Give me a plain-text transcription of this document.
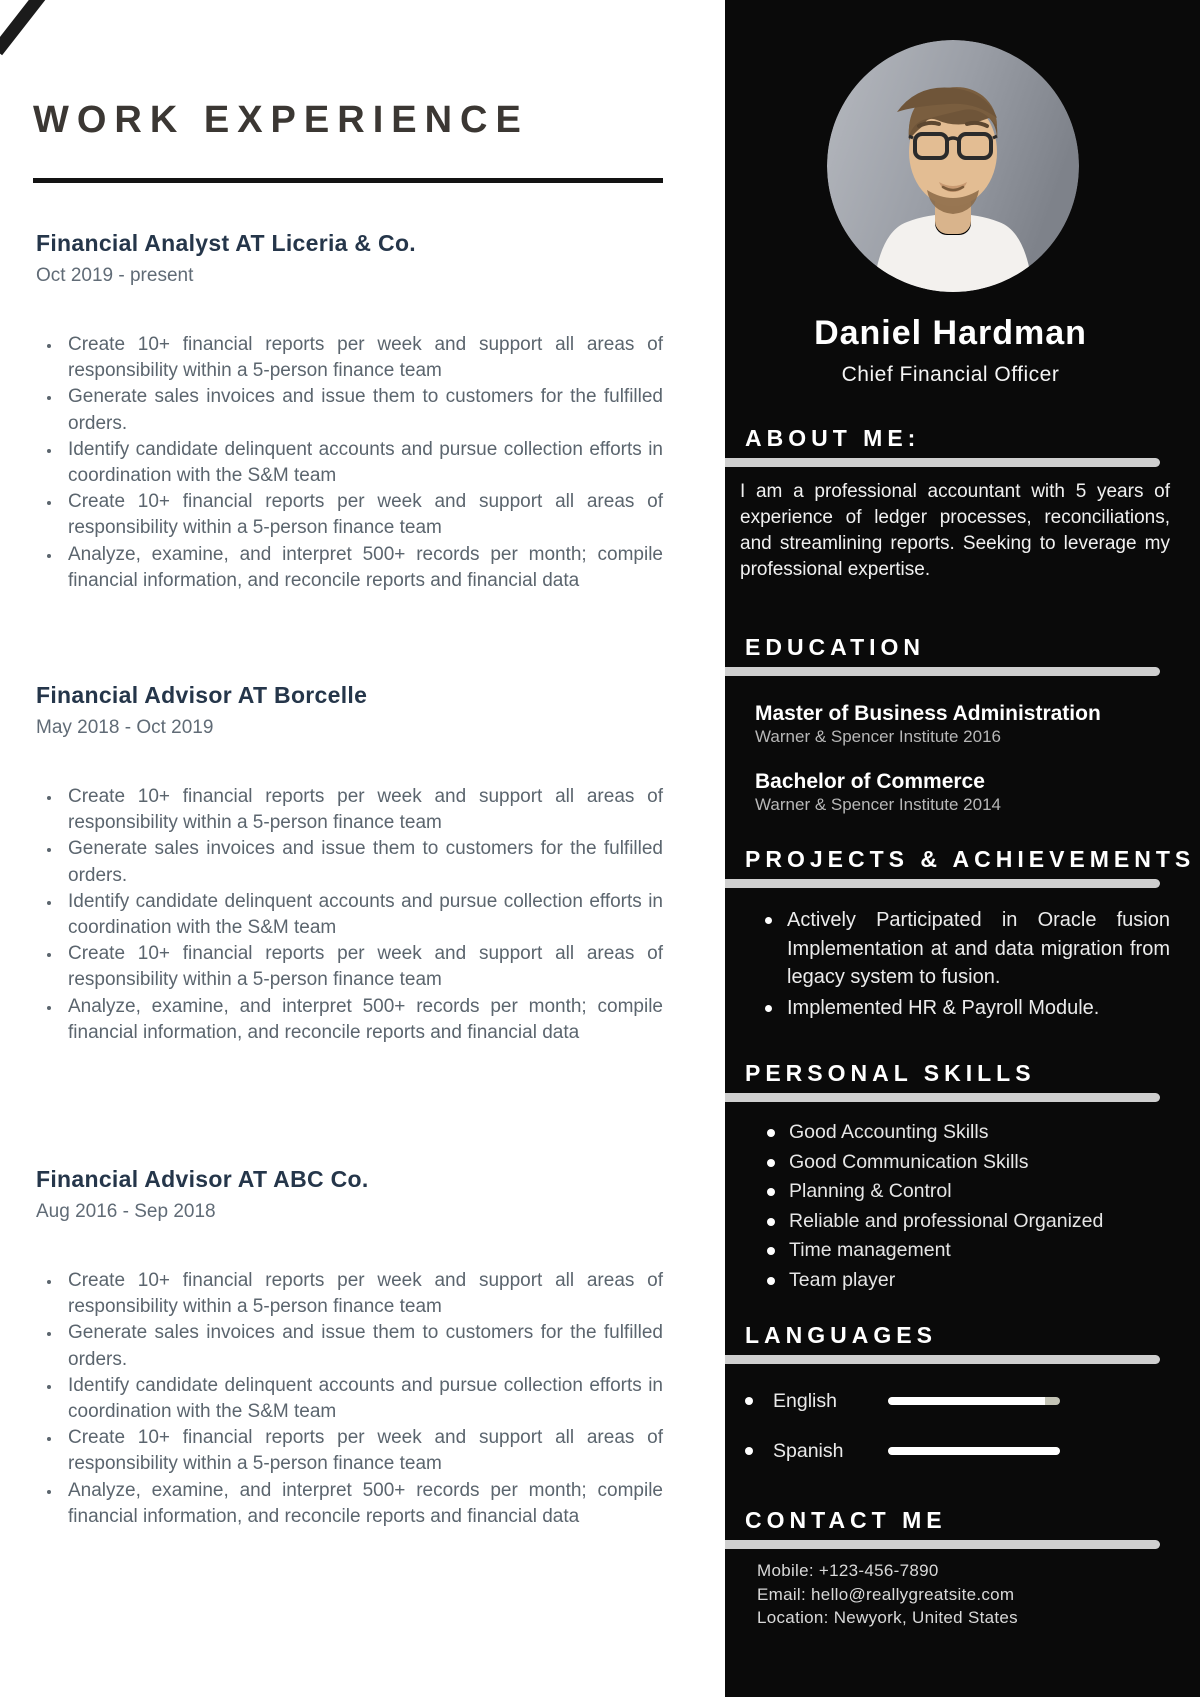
WORK EXPERIENCE
Financial Analyst AT Liceria & Co.
Oct 2019 - present
• Create 10+ financial reports per week and support all areas of responsibility within a 5-person finance team
• Generate sales invoices and issue them to customers for the fulfilled orders.
• Identify candidate delinquent accounts and pursue collection efforts in coordination with the S&M team
• Create 10+ financial reports per week and support all areas of responsibility within a 5-person finance team
• Analyze, examine, and interpret 500+ records per month; compile financial information, and reconcile reports and financial data
Financial Advisor AT Borcelle
May 2018 - Oct 2019
• Create 10+ financial reports per week and support all areas of responsibility within a 5-person finance team
• Generate sales invoices and issue them to customers for the fulfilled orders.
• Identify candidate delinquent accounts and pursue collection efforts in coordination with the S&M team
• Create 10+ financial reports per week and support all areas of responsibility within a 5-person finance team
• Analyze, examine, and interpret 500+ records per month; compile financial information, and reconcile reports and financial data
Financial Advisor AT ABC Co.
Aug 2016 - Sep 2018
• Create 10+ financial reports per week and support all areas of responsibility within a 5-person finance team
• Generate sales invoices and issue them to customers for the fulfilled orders.
• Identify candidate delinquent accounts and pursue collection efforts in coordination with the S&M team
• Create 10+ financial reports per week and support all areas of responsibility within a 5-person finance team
• Analyze, examine, and interpret 500+ records per month; compile financial information, and reconcile reports and financial data
Daniel Hardman
Chief Financial Officer
ABOUT ME:

I am a professional accountant with 5 years of experience of ledger processes, reconciliations, and streamlining reports. Seeking to leverage my professional expertise.

EDUCATION
Master of Business Administration
Warner & Spencer Institute 2016
Bachelor of Commerce
Warner & Spencer Institute 2014
PROJECTS & ACHIEVEMENTS
Actively Participated in Oracle fusion Implementation at and data migration from legacy system to fusion.
Implemented HR & Payroll Module.
PERSONAL SKILLS
Good Accounting Skills
Good Communication Skills
Planning & Control
Reliable and professional Organized
Time management
Team player
LANGUAGES
English
Spanish
CONTACT ME
Mobile: +123-456-7890
Email: hello@reallygreatsite.com
Location: Newyork, United States
